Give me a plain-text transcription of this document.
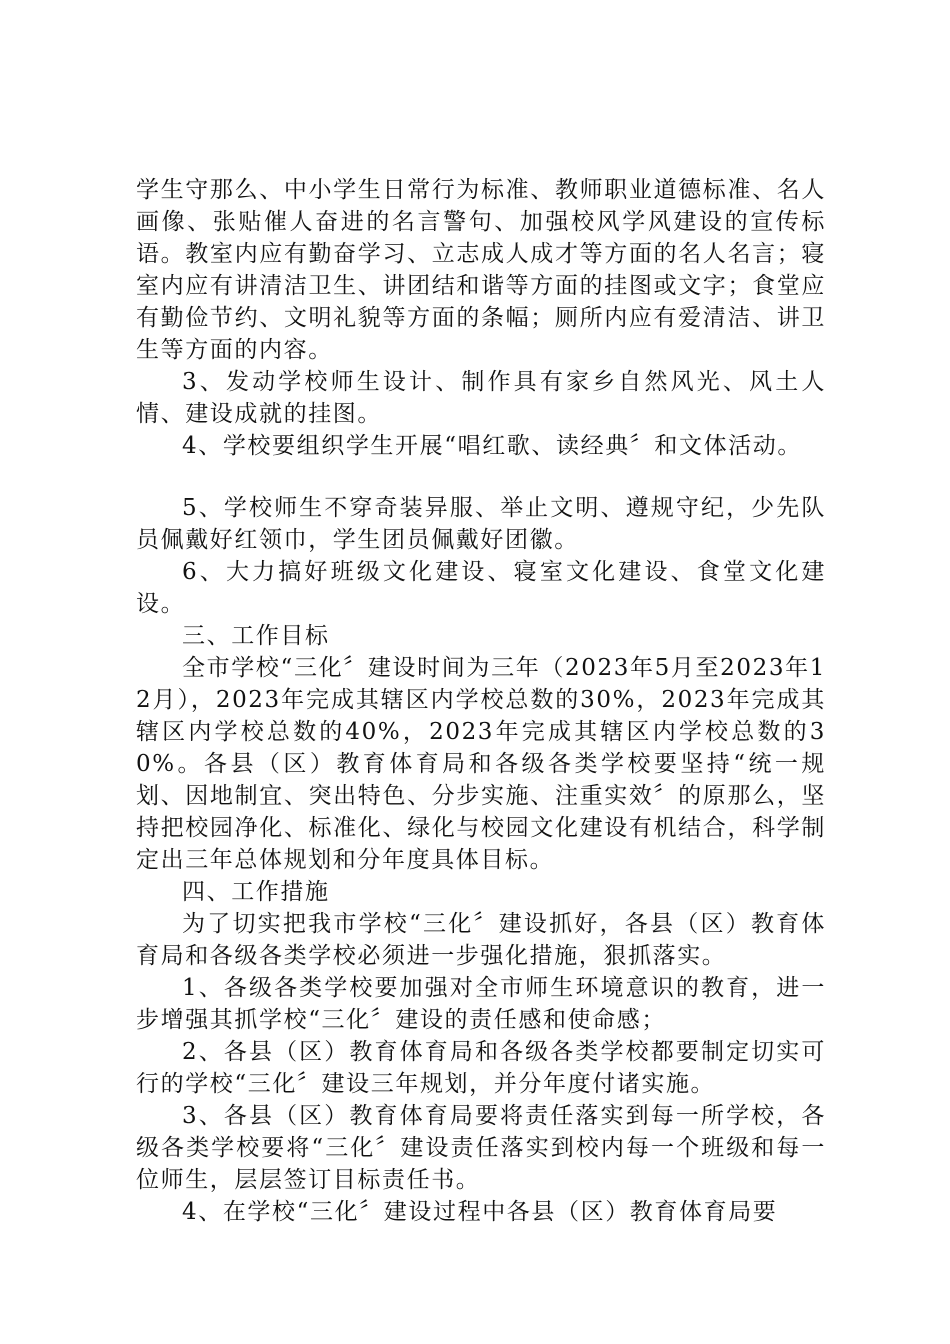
学生守那么、中小学生日常行为标准、教师职业道德标准、名人画像、张贴催人奋进的名言警句、加强校风学风建设的宣传标语。教室内应有勤奋学习、立志成人成才等方面的名人名言；寝室内应有讲清洁卫生、讲团结和谐等方面的挂图或文字；食堂应有勤俭节约、文明礼貌等方面的条幅；厕所内应有爱清洁、讲卫生等方面的内容。

3、发动学校师生设计、制作具有家乡自然风光、风土人情、建设成就的挂图。

4、学校要组织学生开展“唱红歌、读经典〞和文体活动。

5、学校师生不穿奇装异服、举止文明、遵规守纪，少先队员佩戴好红领巾，学生团员佩戴好团徽。

6、大力搞好班级文化建设、寝室文化建设、食堂文化建设。

三、工作目标

全市学校“三化〞建设时间为三年（2023年5月至2023年12月），2023年完成其辖区内学校总数的30%，2023年完成其辖区内学校总数的40%，2023年完成其辖区内学校总数的30%。各县（区）教育体育局和各级各类学校要坚持“统一规划、因地制宜、突出特色、分步实施、注重实效〞的原那么，坚持把校园净化、标准化、绿化与校园文化建设有机结合，科学制定出三年总体规划和分年度具体目标。

四、工作措施

为了切实把我市学校“三化〞建设抓好，各县（区）教育体育局和各级各类学校必须进一步强化措施，狠抓落实。

1、各级各类学校要加强对全市师生环境意识的教育，进一步增强其抓学校“三化〞建设的责任感和使命感；

2、各县（区）教育体育局和各级各类学校都要制定切实可行的学校“三化〞建设三年规划，并分年度付诸实施。

3、各县（区）教育体育局要将责任落实到每一所学校，各级各类学校要将“三化〞建设责任落实到校内每一个班级和每一位师生，层层签订目标责任书。

4、在学校“三化〞建设过程中各县（区）教育体育局要
